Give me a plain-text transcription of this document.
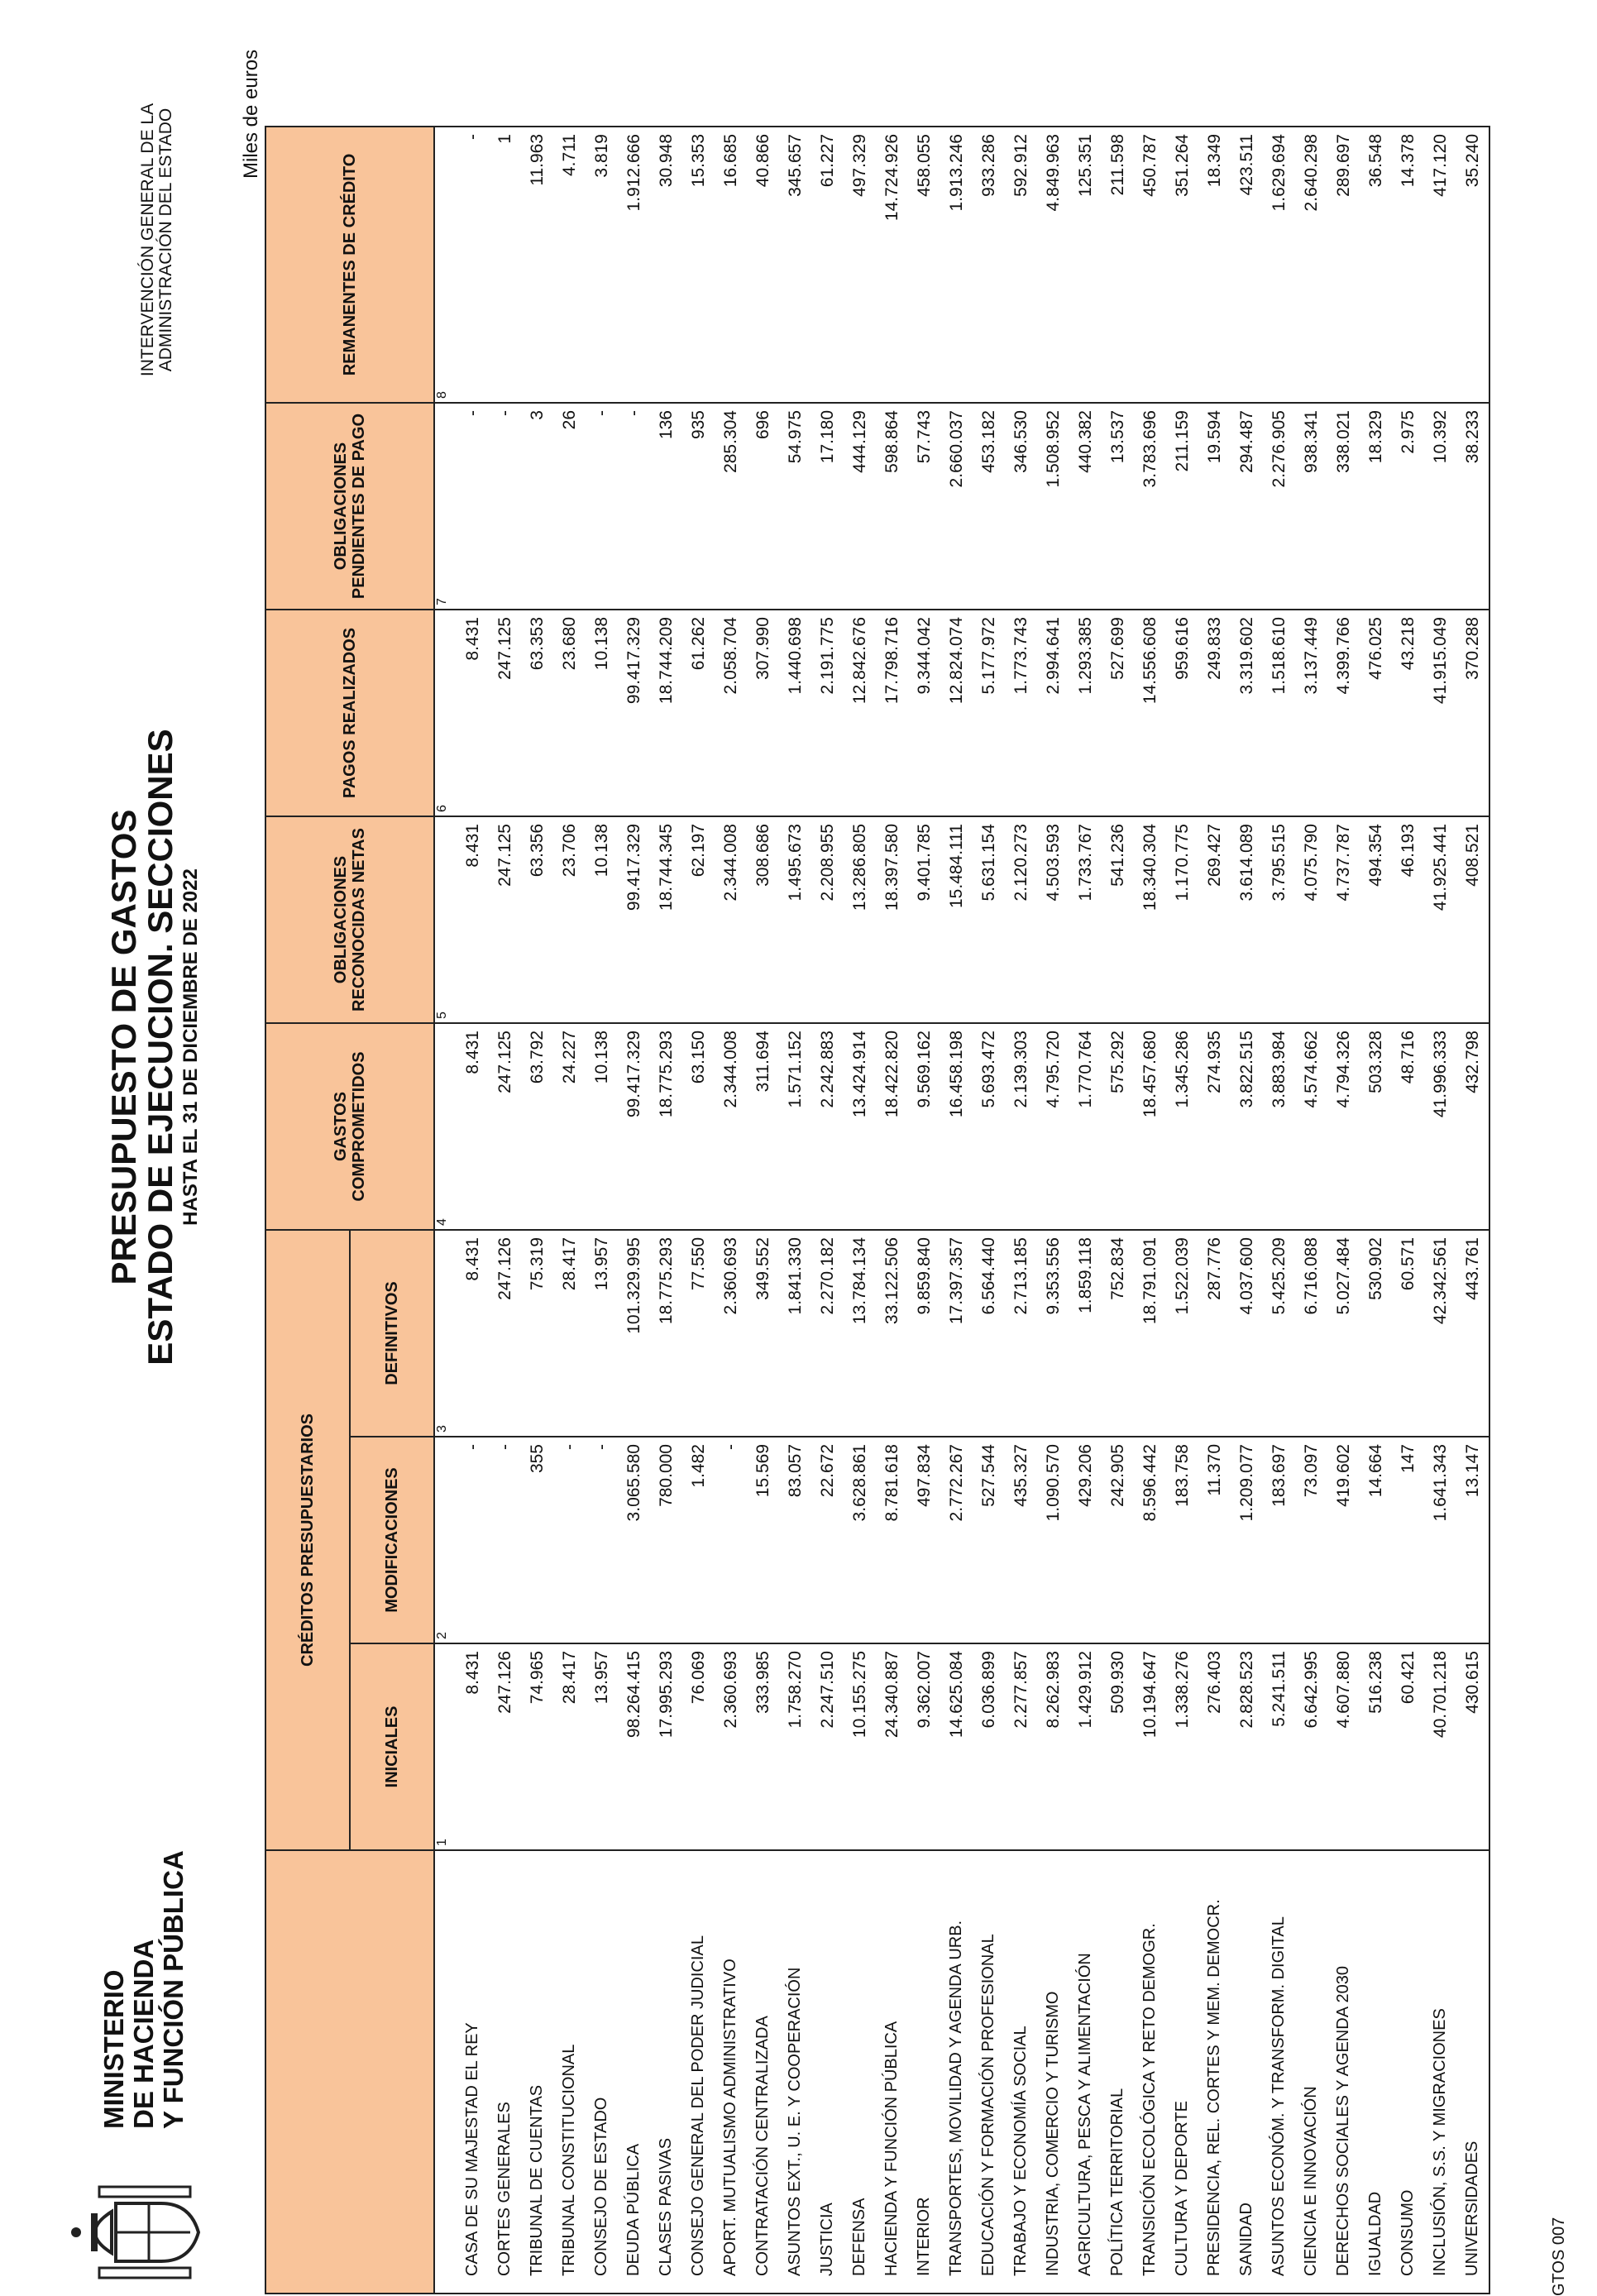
MINISTERIO DE HACIENDA Y FUNCIÓN PÚBLICA
PRESUPUESTO DE GASTOS
ESTADO DE EJECUCION. SECCIONES HASTA EL 31 DE DICIEMBRE DE 2022
INTERVENCIÓN GENERAL DE LA ADMINISTRACIÓN DEL ESTADO	Miles de euros
	CRÉDITOS PRESUPUESTARIOS			GASTOS COMPROMETIDOS	OBLIGACIONES RECONOCIDAS NETAS	PAGOS REALIZADOS	OBLIGACIONES PENDIENTES DE PAGO	REMANENTES DE CRÉDITO
	INICIALES	MODIFICACIONES	DEFINITIVOS					
	1	2	3	4	5	6	7	8
CASA DE SU MAJESTAD EL REY	8.431	-	8.431	8.431	8.431	8.431	-	-
CORTES GENERALES	247.126	-	247.126	247.125	247.125	247.125	-	1
TRIBUNAL DE CUENTAS	74.965	355	75.319	63.792	63.356	63.353	3	11.963
TRIBUNAL CONSTITUCIONAL	28.417	-	28.417	24.227	23.706	23.680	26	4.711
CONSEJO DE ESTADO	13.957	-	13.957	10.138	10.138	10.138	-	3.819
DEUDA PÚBLICA	98.264.415	3.065.580	101.329.995	99.417.329	99.417.329	99.417.329	-	1.912.666
CLASES PASIVAS	17.995.293	780.000	18.775.293	18.775.293	18.744.345	18.744.209	136	30.948
CONSEJO GENERAL DEL PODER JUDICIAL	76.069	1.482	77.550	63.150	62.197	61.262	935	15.353
APORT. MUTUALISMO ADMINISTRATIVO	2.360.693	-	2.360.693	2.344.008	2.344.008	2.058.704	285.304	16.685
CONTRATACIÓN CENTRALIZADA	333.985	15.569	349.552	311.694	308.686	307.990	696	40.866
ASUNTOS EXT., U. E. Y COOPERACIÓN	1.758.270	83.057	1.841.330	1.571.152	1.495.673	1.440.698	54.975	345.657
JUSTICIA	2.247.510	22.672	2.270.182	2.242.883	2.208.955	2.191.775	17.180	61.227
DEFENSA	10.155.275	3.628.861	13.784.134	13.424.914	13.286.805	12.842.676	444.129	497.329
HACIENDA Y FUNCIÓN PÚBLICA	24.340.887	8.781.618	33.122.506	18.422.820	18.397.580	17.798.716	598.864	14.724.926
INTERIOR	9.362.007	497.834	9.859.840	9.569.162	9.401.785	9.344.042	57.743	458.055
TRANSPORTES, MOVILIDAD Y AGENDA URB.	14.625.084	2.772.267	17.397.357	16.458.198	15.484.111	12.824.074	2.660.037	1.913.246
EDUCACIÓN Y FORMACIÓN PROFESIONAL	6.036.899	527.544	6.564.440	5.693.472	5.631.154	5.177.972	453.182	933.286
TRABAJO Y ECONOMÍA SOCIAL	2.277.857	435.327	2.713.185	2.139.303	2.120.273	1.773.743	346.530	592.912
INDUSTRIA, COMERCIO Y TURISMO	8.262.983	1.090.570	9.353.556	4.795.720	4.503.593	2.994.641	1.508.952	4.849.963
AGRICULTURA, PESCA Y ALIMENTACIÓN	1.429.912	429.206	1.859.118	1.770.764	1.733.767	1.293.385	440.382	125.351
POLÍTICA TERRITORIAL	509.930	242.905	752.834	575.292	541.236	527.699	13.537	211.598
TRANSICIÓN ECOLÓGICA Y RETO DEMOGR.	10.194.647	8.596.442	18.791.091	18.457.680	18.340.304	14.556.608	3.783.696	450.787
CULTURA Y DEPORTE	1.338.276	183.758	1.522.039	1.345.286	1.170.775	959.616	211.159	351.264
PRESIDENCIA, REL. CORTES Y MEM. DEMOCR.	276.403	11.370	287.776	274.935	269.427	249.833	19.594	18.349
SANIDAD	2.828.523	1.209.077	4.037.600	3.822.515	3.614.089	3.319.602	294.487	423.511
ASUNTOS ECONÓM. Y TRANSFORM. DIGITAL	5.241.511	183.697	5.425.209	3.883.984	3.795.515	1.518.610	2.276.905	1.629.694
CIENCIA E INNOVACIÓN	6.642.995	73.097	6.716.088	4.574.662	4.075.790	3.137.449	938.341	2.640.298
DERECHOS SOCIALES Y AGENDA 2030	4.607.880	419.602	5.027.484	4.794.326	4.737.787	4.399.766	338.021	289.697
IGUALDAD	516.238	14.664	530.902	503.328	494.354	476.025	18.329	36.548
CONSUMO	60.421	147	60.571	48.716	46.193	43.218	2.975	14.378
INCLUSIÓN, S.S. Y MIGRACIONES	40.701.218	1.641.343	42.342.561	41.996.333	41.925.441	41.915.049	10.392	417.120
UNIVERSIDADES	430.615	13.147	443.761	432.798	408.521	370.288	38.233	35.240
GTOS 007
